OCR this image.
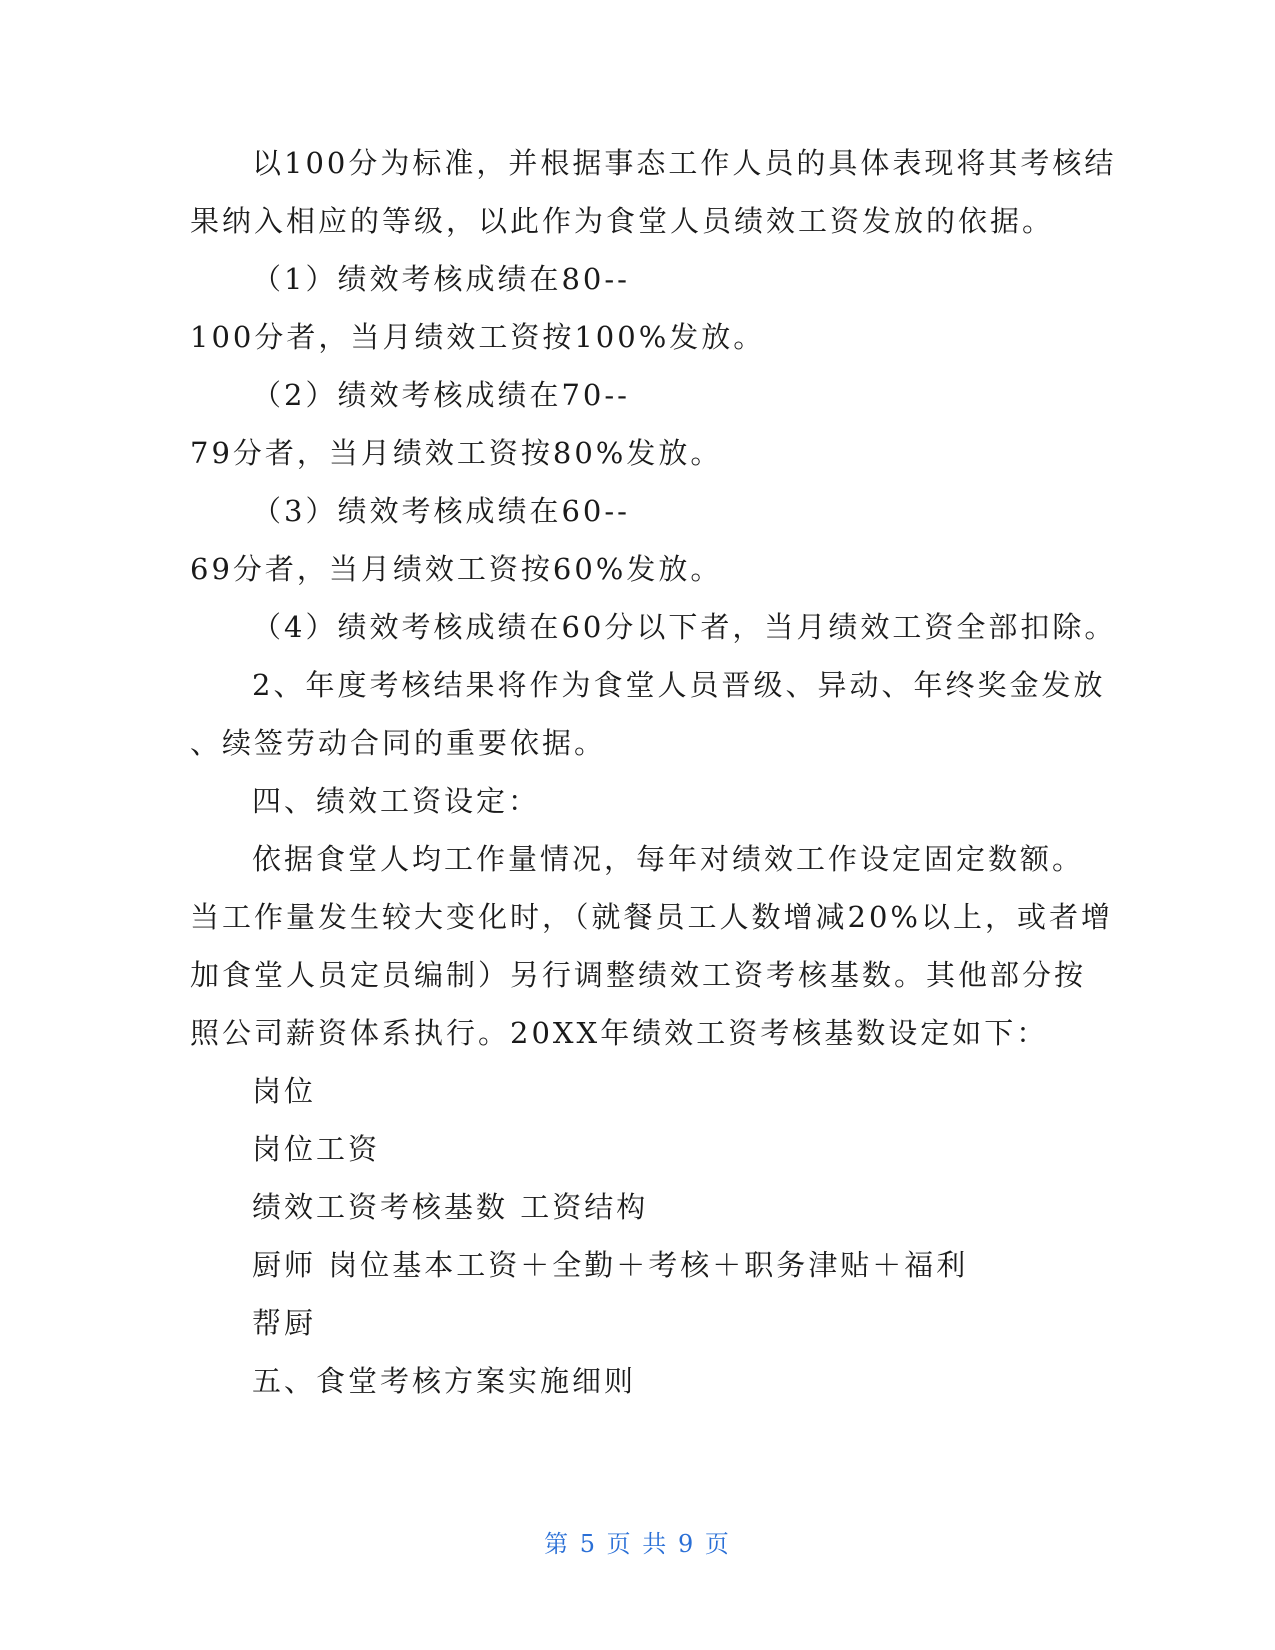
以100分为标准，并根据事态工作人员的具体表现将其考核结
果纳入相应的等级，以此作为食堂人员绩效工资发放的依据。
（1）绩效考核成绩在80--
100分者，当月绩效工资按100%发放。
（2）绩效考核成绩在70--
79分者，当月绩效工资按80%发放。
（3）绩效考核成绩在60--
69分者，当月绩效工资按60%发放。
（4）绩效考核成绩在60分以下者，当月绩效工资全部扣除。
2、年度考核结果将作为食堂人员晋级、异动、年终奖金发放
、续签劳动合同的重要依据。
四、绩效工资设定：
依据食堂人均工作量情况，每年对绩效工作设定固定数额。
当工作量发生较大变化时，（就餐员工人数增减20%以上，或者增
加食堂人员定员编制）另行调整绩效工资考核基数。其他部分按
照公司薪资体系执行。20XX年绩效工资考核基数设定如下：
岗位
岗位工资
绩效工资考核基数 工资结构
厨师 岗位基本工资＋全勤＋考核＋职务津贴＋福利
帮厨
五、食堂考核方案实施细则
第 5 页 共 9 页
